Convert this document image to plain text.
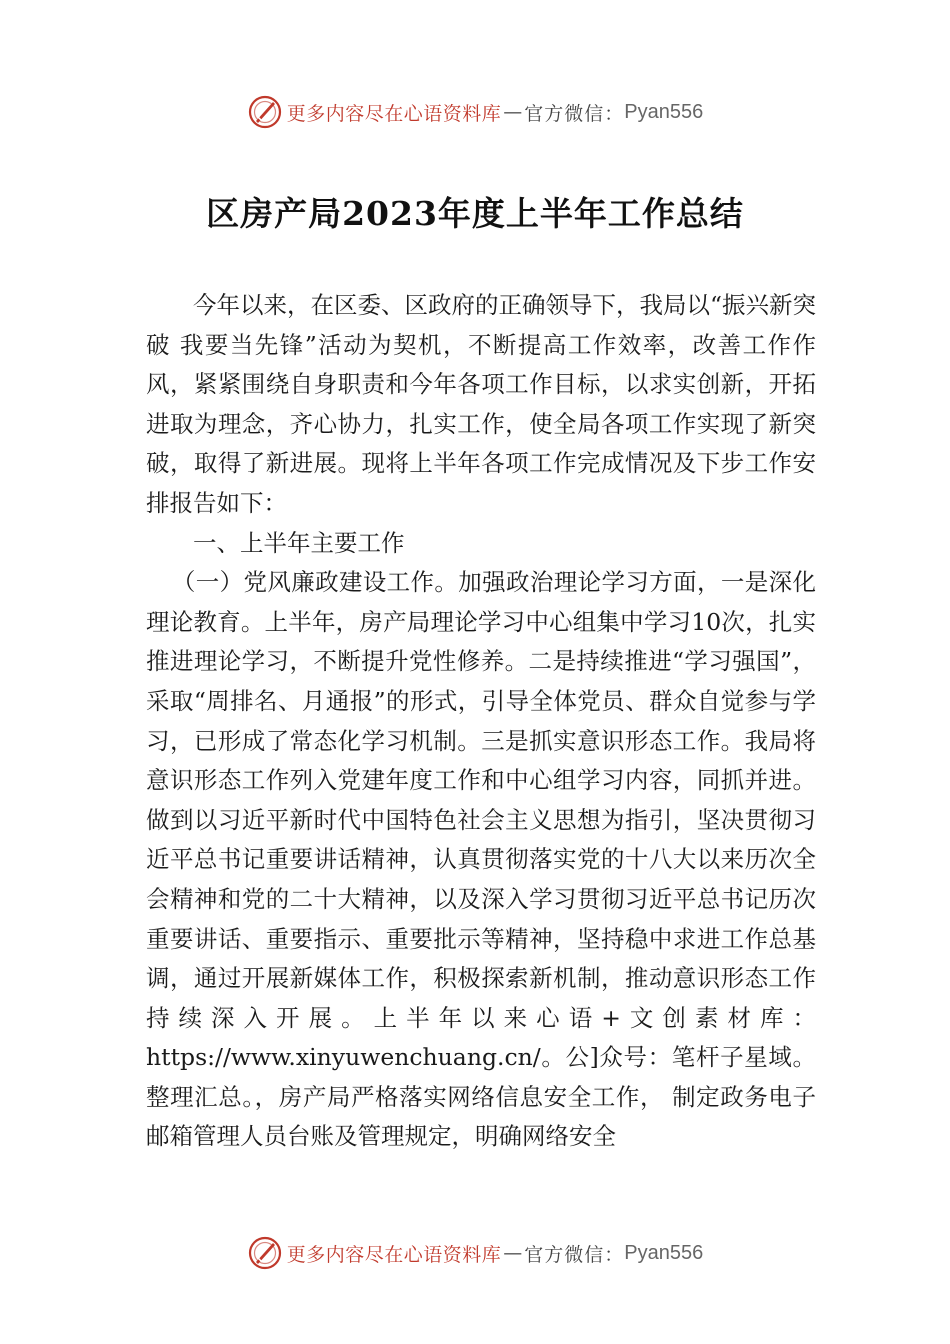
更多内容尽在心语资料库 — 官方微信： Pyan556
区房产局2023年度上半年工作总结

今年以来，在区委、区政府的正确领导下，我局以“振兴新突破 我要当先锋”活动为契机，不断提高工作效率，改善工作作风，紧紧围绕自身职责和今年各项工作目标，以求实创新，开拓进取为理念，齐心协力，扎实工作，使全局各项工作实现了新突破，取得了新进展。现将上半年各项工作完成情况及下步工作安排报告如下：

一、上半年主要工作

（一）党风廉政建设工作。加强政治理论学习方面，一是深化理论教育。上半年，房产局理论学习中心组集中学习10次，扎实推进理论学习，不断提升党性修养。二是持续推进“学习强国”，采取“周排名、月通报”的形式，引导全体党员、群众自觉参与学习，已形成了常态化学习机制。三是抓实意识形态工作。我局将意识形态工作列入党建年度工作和中心组学习内容，同抓并进。做到以习近平新时代中国特色社会主义思想为指引，坚决贯彻习近平总书记重要讲话精神，认真贯彻落实党的十八大以来历次全会精神和党的二十大精神，以及深入学习贯彻习近平总书记历次重要讲话、重要指示、重要批示等精神，坚持稳中求进工作总基调，通过开展新媒体工作，积极探索新机制，推动意识形态工作持续深入开展。上半年以来心语+文创素材库：https://www.xinyuwenchuang.cn/。公]众号：笔杆子星域。整理汇总。，房产局严格落实网络信息安全工作， 制定政务电子邮箱管理人员台账及管理规定，明确网络安全

更多内容尽在心语资料库 — 官方微信： Pyan556
